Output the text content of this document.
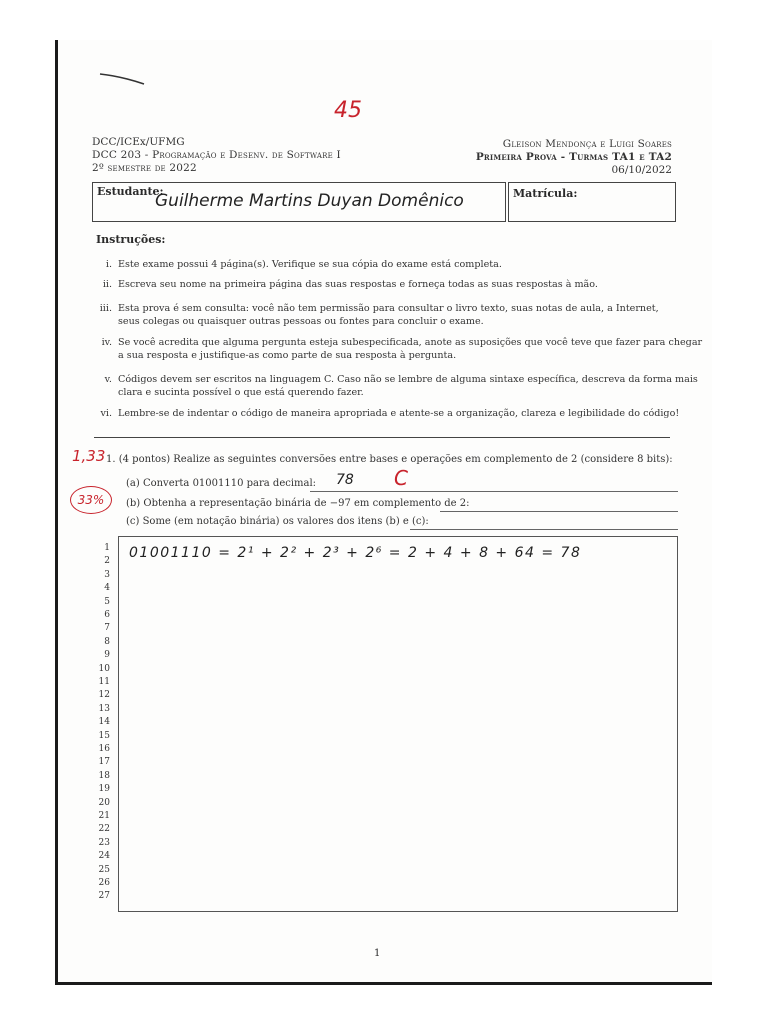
45
DCC/ICEx/UFMG
DCC 203 - Programação e Desenv. de Software I
2º semestre de 2022
Gleison Mendonça e Luigi Soares
Primeira Prova - Turmas TA1 e TA2
06/10/2022
Estudante:
Guilherme Martins Duyan Domênico	Matrícula:
Instruções:
i. Este exame possui 4 página(s). Verifique se sua cópia do exame está completa.
ii. Escreva seu nome na primeira página das suas respostas e forneça todas as suas respostas à mão.
iii. Esta prova é sem consulta: você não tem permissão para consultar o livro texto, suas notas de aula, a Internet,
seus colegas ou quaisquer outras pessoas ou fontes para concluir o exame.
iv. Se você acredita que alguma pergunta esteja subespecificada, anote as suposições que você teve que fazer para chegar
a sua resposta e justifique-as como parte de sua resposta à pergunta.
v. Códigos devem ser escritos na linguagem C. Caso não se lembre de alguma sintaxe específica, descreva da forma mais
clara e sucinta possível o que está querendo fazer.
vi. Lembre-se de indentar o código de maneira apropriada e atente-se a organização, clareza e legibilidade do código!
1,33 1. (4 pontos) Realize as seguintes conversões entre bases e operações em complemento de 2 (considere 8 bits):
33%
(a) Converta 01001110 para decimal: 78 C
(b) Obtenha a representação binária de −97 em complemento de 2:
(c) Some (em notação binária) os valores dos itens (b) e (c):
01001110 = 2¹ + 2² + 2³ + 2⁶ = 2 + 4 + 8 + 64 = 78
1
2
3
4
5
6
7
8
9
10
11
12
13
14
15
16
17
18
19
20
21
22
23
24
25
26
27
1
